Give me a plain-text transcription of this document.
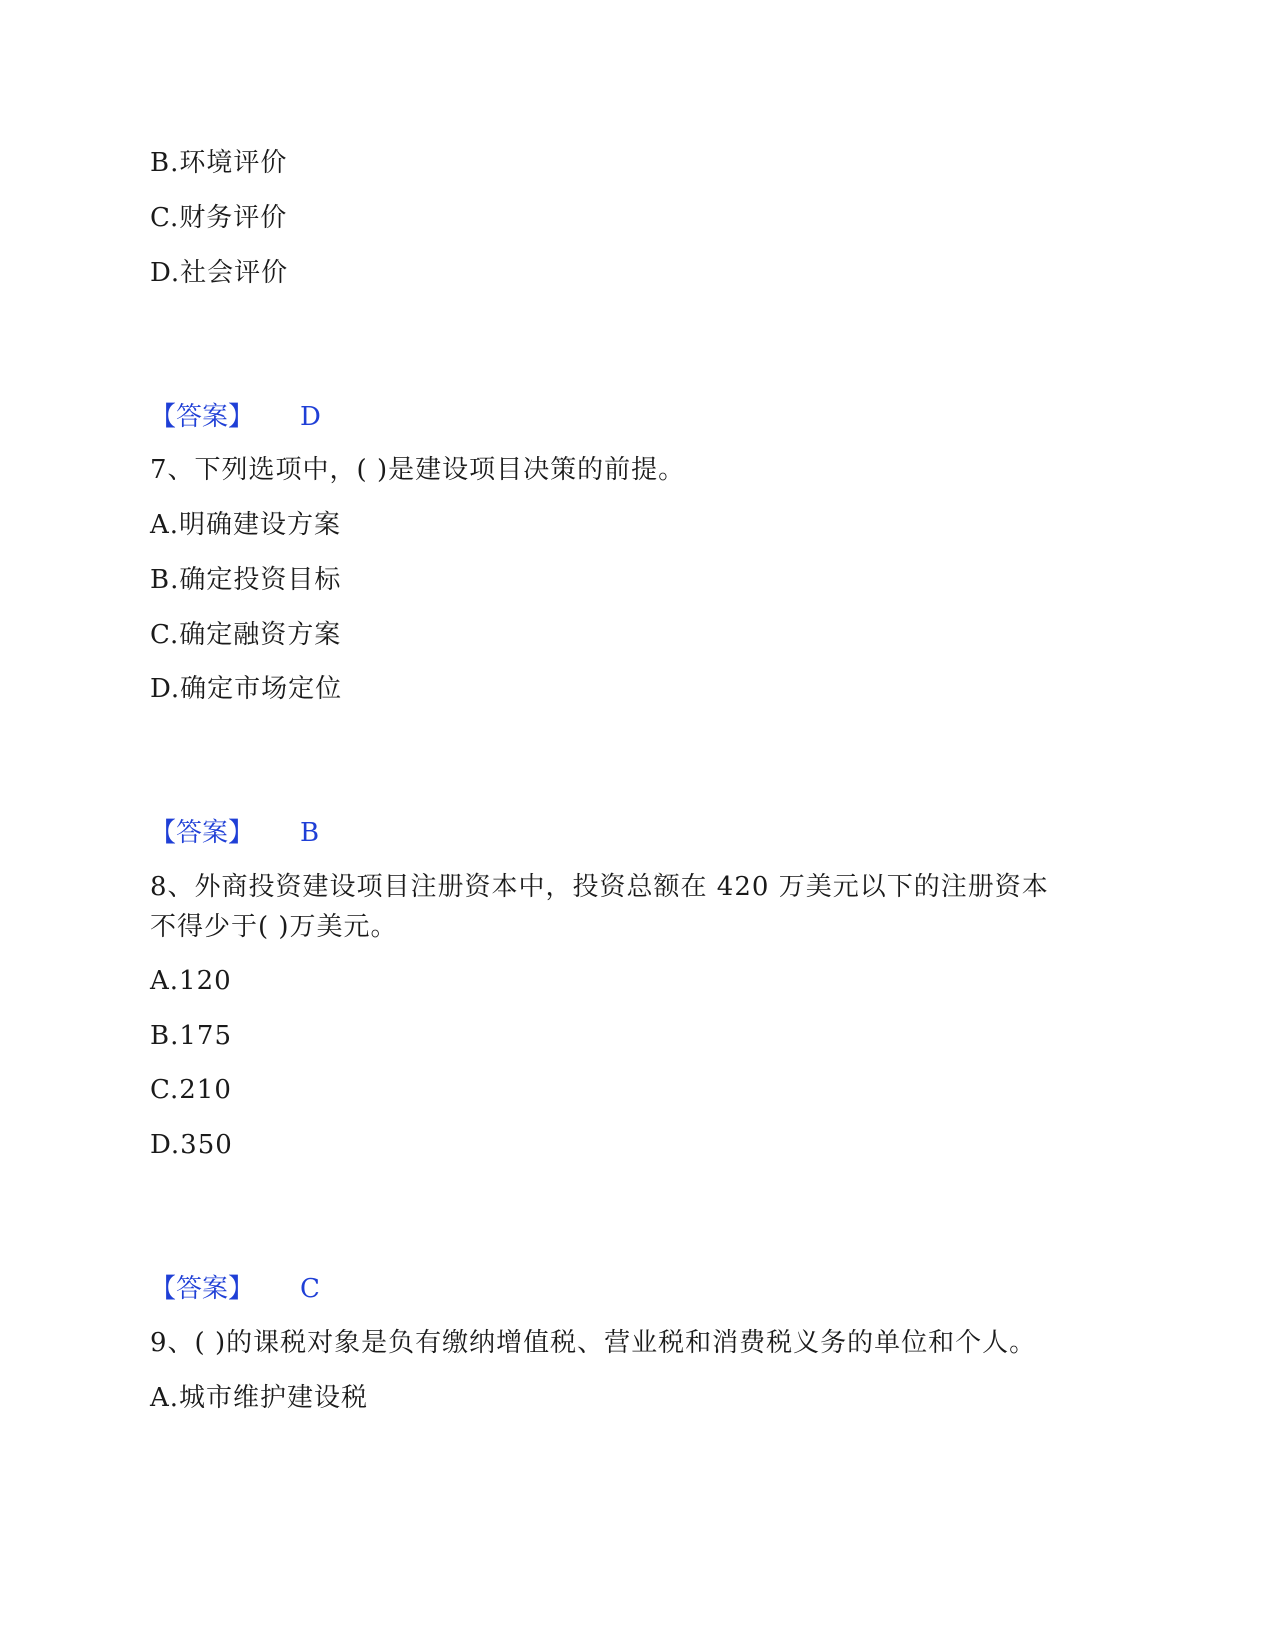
B.环境评价
C.财务评价
D.社会评价
【答案】 D
7、下列选项中，( )是建设项目决策的前提。
A.明确建设方案
B.确定投资目标
C.确定融资方案
D.确定市场定位
【答案】 B
8、外商投资建设项目注册资本中，投资总额在 420 万美元以下的注册资本
不得少于( )万美元。
A.120
B.175
C.210
D.350
【答案】 C
9、( )的课税对象是负有缴纳增值税、营业税和消费税义务的单位和个人。
A.城市维护建设税
